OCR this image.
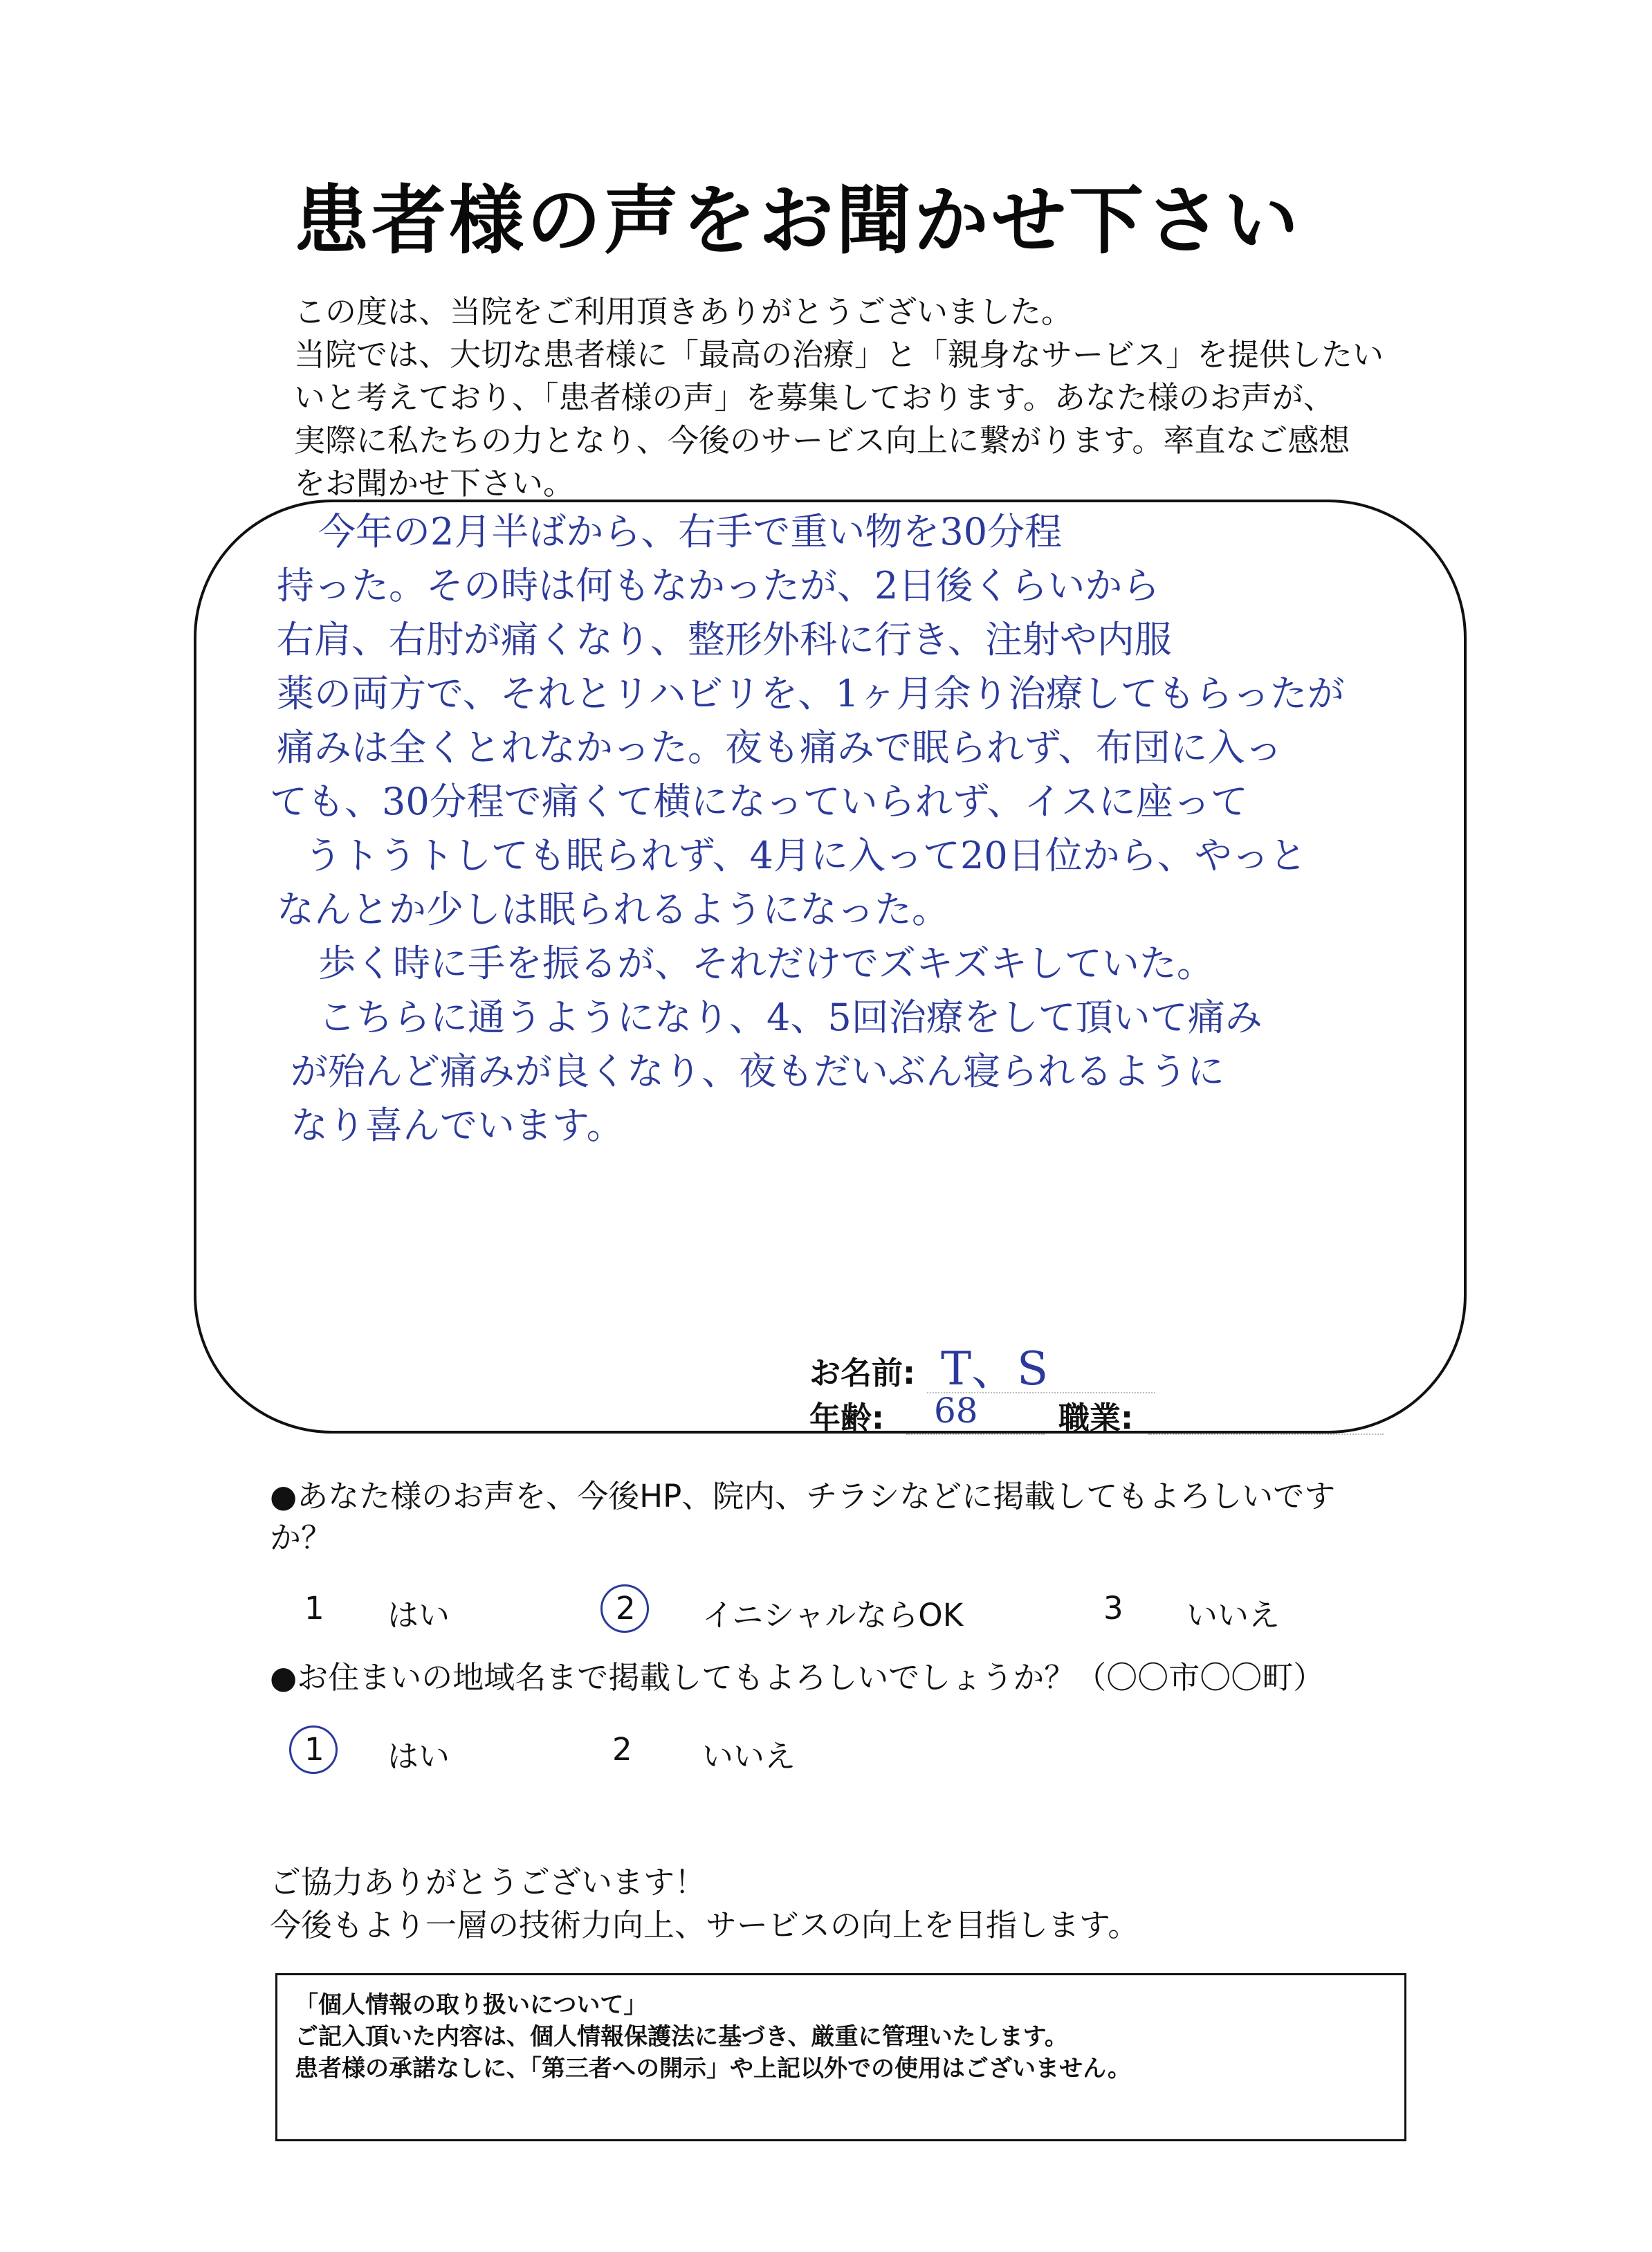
患者様の声をお聞かせ下さい
この度は、当院をご利用頂きありがとうございました。
当院では、大切な患者様に「最高の治療」と「親身なサービス」を提供したい
いと考えており、「患者様の声」を募集しております。あなた様のお声が、
実際に私たちの力となり、今後のサービス向上に繋がります。率直なご感想
をお聞かせ下さい。
今年の2月半ばから、右手で重い物を30分程
持った。その時は何もなかったが、2日後くらいから
右肩、右肘が痛くなり、整形外科に行き、注射や内服
薬の両方で、それとリハビリを、1ヶ月余り治療してもらったが
痛みは全くとれなかった。夜も痛みで眠られず、布団に入っ
ても、30分程で痛くて横になっていられず、イスに座って
うトうトしても眠られず、4月に入って20日位から、やっと
なんとか少しは眠られるようになった。
歩く時に手を振るが、それだけでズキズキしていた。
こちらに通うようになり、4、5回治療をして頂いて痛み
が殆んど痛みが良くなり、夜もだいぶん寝られるように
なり喜んでいます。
お名前: T、S
年齢: 68	職業:
●あなた様のお声を、今後HP、院内、チラシなどに掲載してもよろしいです
か？
1 はい	2 イニシャルならOK	3 いいえ
●お住まいの地域名まで掲載してもよろしいでしょうか？（〇〇市〇〇町）
1 はい	2 いいえ
ご協力ありがとうございます！
今後もより一層の技術力向上、サービスの向上を目指します。
「個人情報の取り扱いについて」
ご記入頂いた内容は、個人情報保護法に基づき、厳重に管理いたします。
患者様の承諾なしに、「第三者への開示」や上記以外での使用はございません。
